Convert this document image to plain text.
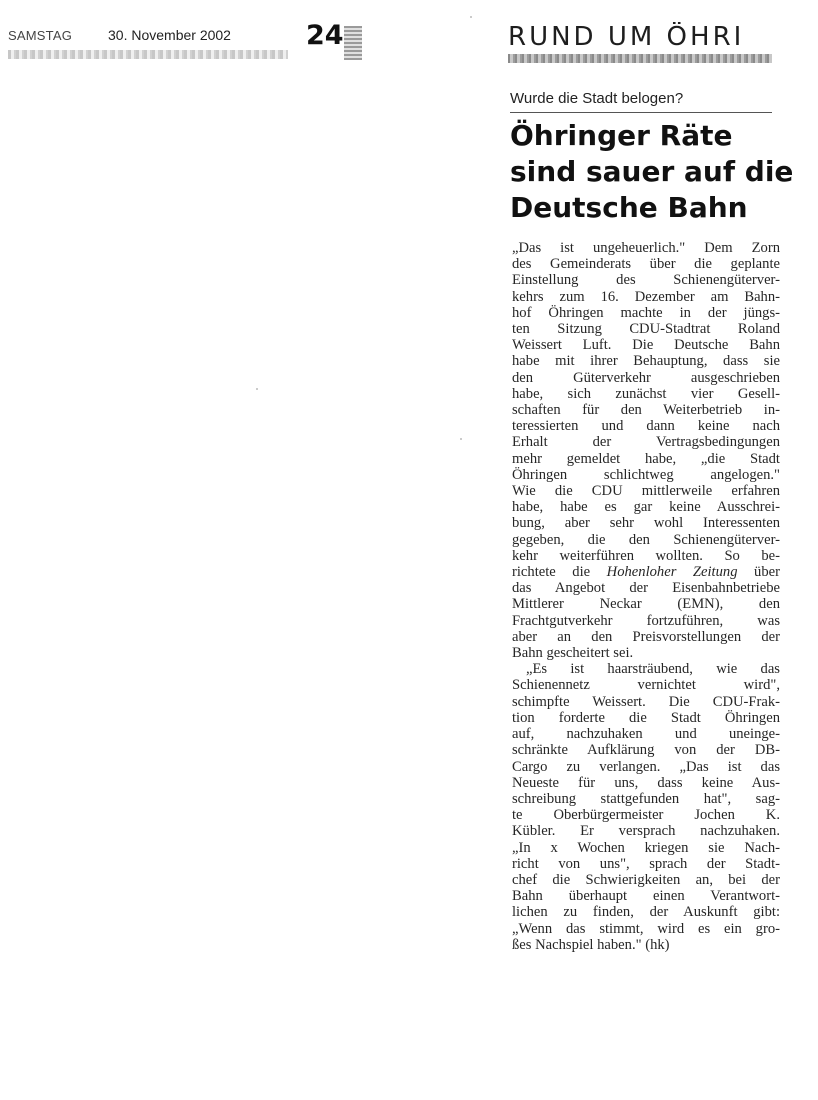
SAMSTAG	30. November 2002	24	RUND UM ÖHRI
Wurde die Stadt belogen?
Öhringer Räte
sind sauer auf die
Deutsche Bahn
„Das ist ungeheuerlich." Dem Zorn
des Gemeinderats über die geplante
Einstellung des Schienengüterver-
kehrs zum 16. Dezember am Bahn-
hof Öhringen machte in der jüngs-
ten Sitzung CDU-Stadtrat Roland
Weissert Luft. Die Deutsche Bahn
habe mit ihrer Behauptung, dass sie
den Güterverkehr ausgeschrieben
habe, sich zunächst vier Gesell-
schaften für den Weiterbetrieb in-
teressierten und dann keine nach
Erhalt der Vertragsbedingungen
mehr gemeldet habe, „die Stadt
Öhringen schlichtweg angelogen."
Wie die CDU mittlerweile erfahren
habe, habe es gar keine Ausschrei-
bung, aber sehr wohl Interessenten
gegeben, die den Schienengüterver-
kehr weiterführen wollten. So be-
richtete die Hohenloher Zeitung über
das Angebot der Eisenbahnbetriebe
Mittlerer Neckar (EMN), den
Frachtgutverkehr fortzuführen, was
aber an den Preisvorstellungen der
Bahn gescheitert sei.
„Es ist haarsträubend, wie das
Schienennetz vernichtet wird",
schimpfte Weissert. Die CDU-Frak-
tion forderte die Stadt Öhringen
auf, nachzuhaken und uneinge-
schränkte Aufklärung von der DB-
Cargo zu verlangen. „Das ist das
Neueste für uns, dass keine Aus-
schreibung stattgefunden hat", sag-
te Oberbürgermeister Jochen K.
Kübler. Er versprach nachzuhaken.
„In x Wochen kriegen sie Nach-
richt von uns", sprach der Stadt-
chef die Schwierigkeiten an, bei der
Bahn überhaupt einen Verantwort-
lichen zu finden, der Auskunft gibt:
„Wenn das stimmt, wird es ein gro-
ßes Nachspiel haben." (hk)
